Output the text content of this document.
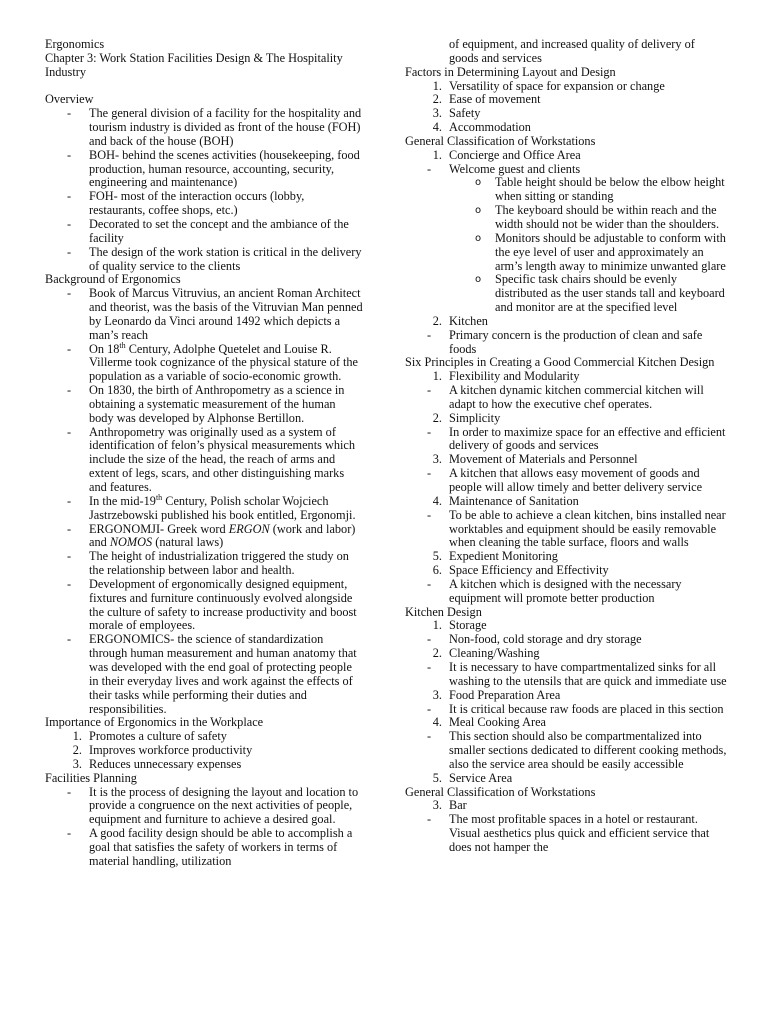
Ergonomics
Chapter 3: Work Station Facilities Design & The Hospitality Industry
Overview
- The general division of a facility for the hospitality and tourism industry is divided as front of the house (FOH) and back of the house (BOH)
- BOH- behind the scenes activities (housekeeping, food production, human resource, accounting, security, engineering and maintenance)
- FOH- most of the interaction occurs (lobby, restaurants, coffee shops, etc.)
- Decorated to set the concept and the ambiance of the facility
- The design of the work station is critical in the delivery of quality service to the clients
Background of Ergonomics
- Book of Marcus Vitruvius, an ancient Roman Architect and theorist, was the basis of the Vitruvian Man penned by Leonardo da Vinci around 1492 which depicts a man’s reach
- On 18th Century, Adolphe Quetelet and Louise R. Villerme took cognizance of the physical stature of the population as a variable of socio-economic growth.
- On 1830, the birth of Anthropometry as a science in obtaining a systematic measurement of the human body was developed by Alphonse Bertillon.
- Anthropometry was originally used as a system of identification of felon’s physical measurements which include the size of the head, the reach of arms and extent of legs, scars, and other distinguishing marks and features.
- In the mid-19th Century, Polish scholar Wojciech Jastrzebowski published his book entitled, Ergonomji.
- ERGONOMJI- Greek word ERGON (work and labor) and NOMOS (natural laws)
- The height of industrialization triggered the study on the relationship between labor and health.
- Development of ergonomically designed equipment, fixtures and furniture continuously evolved alongside the culture of safety to increase productivity and boost morale of employees.
- ERGONOMICS- the science of standardization through human measurement and human anatomy that was developed with the end goal of protecting people in their everyday lives and work against the effects of their tasks while performing their duties and responsibilities.
Importance of Ergonomics in the Workplace
1. Promotes a culture of safety
2. Improves workforce productivity
3. Reduces unnecessary expenses
Facilities Planning
- It is the process of designing the layout and location to provide a congruence on the next activities of people, equipment and furniture to achieve a desired goal.
- A good facility design should be able to accomplish a goal that satisfies the safety of workers in terms of material handling, utilization
of equipment, and increased quality of delivery of goods and services
Factors in Determining Layout and Design
1. Versatility of space for expansion or change
2. Ease of movement
3. Safety
4. Accommodation
General Classification of Workstations
1. Concierge and Office Area
- Welcome guest and clients
o Table height should be below the elbow height when sitting or standing
o The keyboard should be within reach and the width should not be wider than the shoulders.
o Monitors should be adjustable to conform with the eye level of user and approximately an arm’s length away to minimize unwanted glare
o Specific task chairs should be evenly distributed as the user stands tall and keyboard and monitor are at the specified level
2. Kitchen
- Primary concern is the production of clean and safe foods
Six Principles in Creating a Good Commercial Kitchen Design
1. Flexibility and Modularity
- A kitchen dynamic kitchen commercial kitchen will adapt to how the executive chef operates.
2. Simplicity
- In order to maximize space for an effective and efficient delivery of goods and services
3. Movement of Materials and Personnel
- A kitchen that allows easy movement of goods and people will allow timely and better delivery service
4. Maintenance of Sanitation
- To be able to achieve a clean kitchen, bins installed near worktables and equipment should be easily removable when cleaning the table surface, floors and walls
5. Expedient Monitoring
6. Space Efficiency and Effectivity
- A kitchen which is designed with the necessary equipment will promote better production
Kitchen Design
1. Storage
- Non-food, cold storage and dry storage
2. Cleaning/Washing
- It is necessary to have compartmentalized sinks for all washing to the utensils that are quick and immediate use
3. Food Preparation Area
- It is critical because raw foods are placed in this section
4. Meal Cooking Area
- This section should also be compartmentalized into smaller sections dedicated to different cooking methods, also the service area should be easily accessible
5. Service Area
General Classification of Workstations
3. Bar
- The most profitable spaces in a hotel or restaurant. Visual aesthetics plus quick and efficient service that does not hamper the
